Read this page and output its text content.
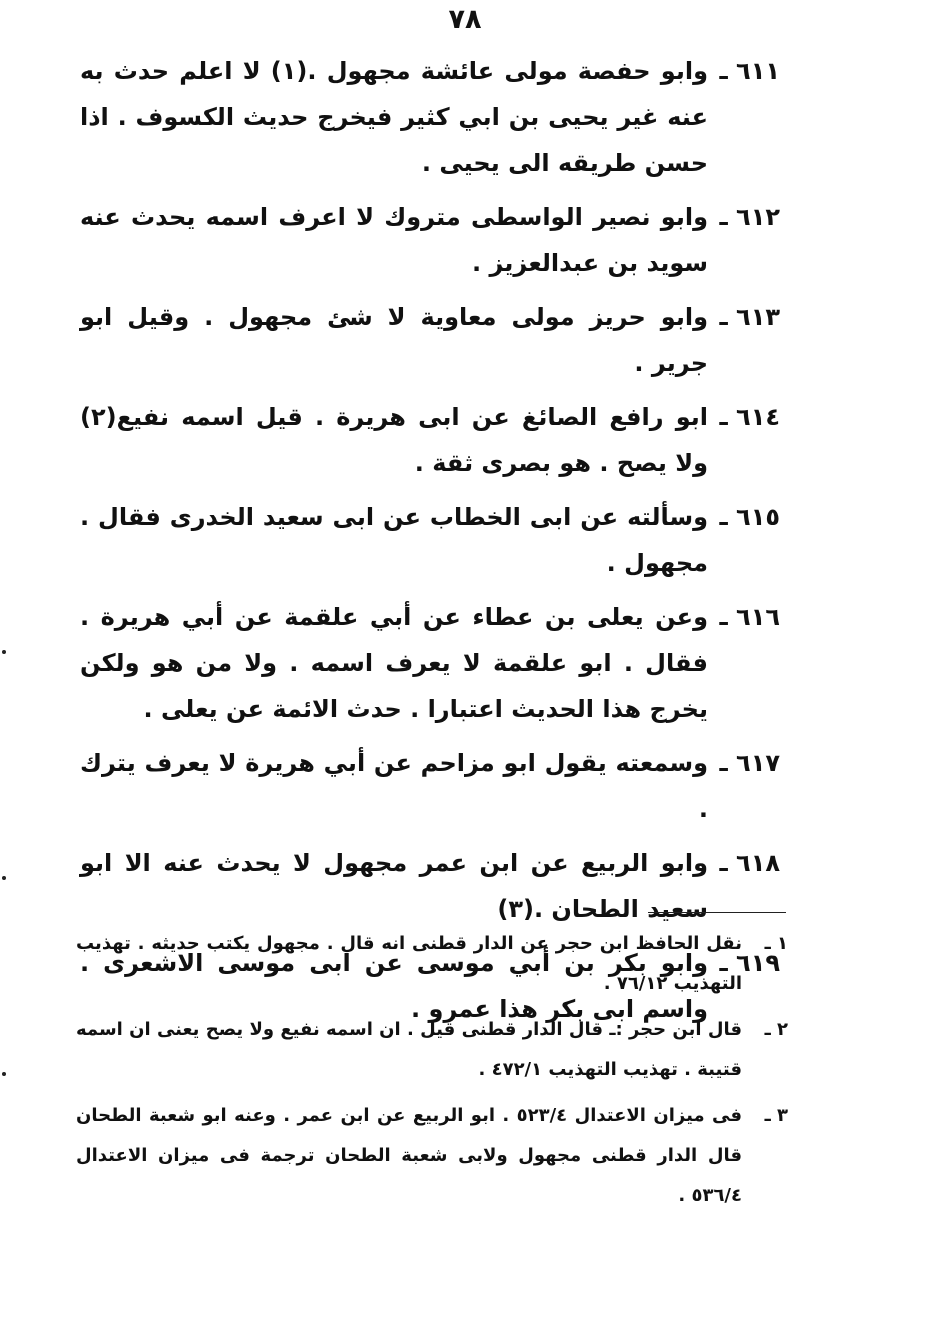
٧٨
٦١١ ـ
وابو حفصة مولى عائشة مجهول .(١) لا اعلم حدث به عنه غير يحيى بن ابي كثير فيخرج حديث الكسوف . اذا حسن طريقه الى يحيى .
٦١٢ ـ
وابو نصير الواسطى متروك لا اعرف اسمه يحدث عنه سويد بن عبدالعزيز .
٦١٣ ـ
وابو حريز مولى معاوية لا شئ مجهول . وقيل ابو جرير .
٦١٤ ـ
ابو رافع الصائغ عن ابى هريرة . قيل اسمه نفيع(٢) ولا يصح . هو بصرى ثقة .
٦١٥ ـ
وسألته عن ابى الخطاب عن ابى سعيد الخدرى فقال . مجهول .
٦١٦ ـ
وعن يعلى بن عطاء عن أبي علقمة عن أبي هريرة . فقال . ابو علقمة لا يعرف اسمه . ولا من هو ولكن يخرج هذا الحديث اعتبارا . حدث الائمة عن يعلى .
٦١٧ ـ
وسمعته يقول ابو مزاحم عن أبي هريرة لا يعرف يترك .
٦١٨ ـ
وابو الربيع عن ابن عمر مجهول لا يحدث عنه الا ابو سعيد الطحان .(٣)
٦١٩ ـ
وابو بكر بن أبي موسى عن ابى موسى الاشعرى . واسم ابى بكر هذا عمرو .
١ ـ
نقل الحافظ ابن حجر عن الدار قطنى انه قال . مجهول يكتب حديثه . تهذيب التهذيب ٧٦/١٢ .
٢ ـ
قال ابن حجر :ـ قال الدار قطنى قيل . ان اسمه نفيع ولا يصح يعنى ان اسمه قتيبة . تهذيب التهذيب ٤٧٢/١ .
٣ ـ
فى ميزان الاعتدال ٥٢٣/٤ . ابو الربيع عن ابن عمر . وعنه ابو شعبة الطحان قال الدار قطنى مجهول ولابى شعبة الطحان ترجمة فى ميزان الاعتدال ٥٣٦/٤ .
